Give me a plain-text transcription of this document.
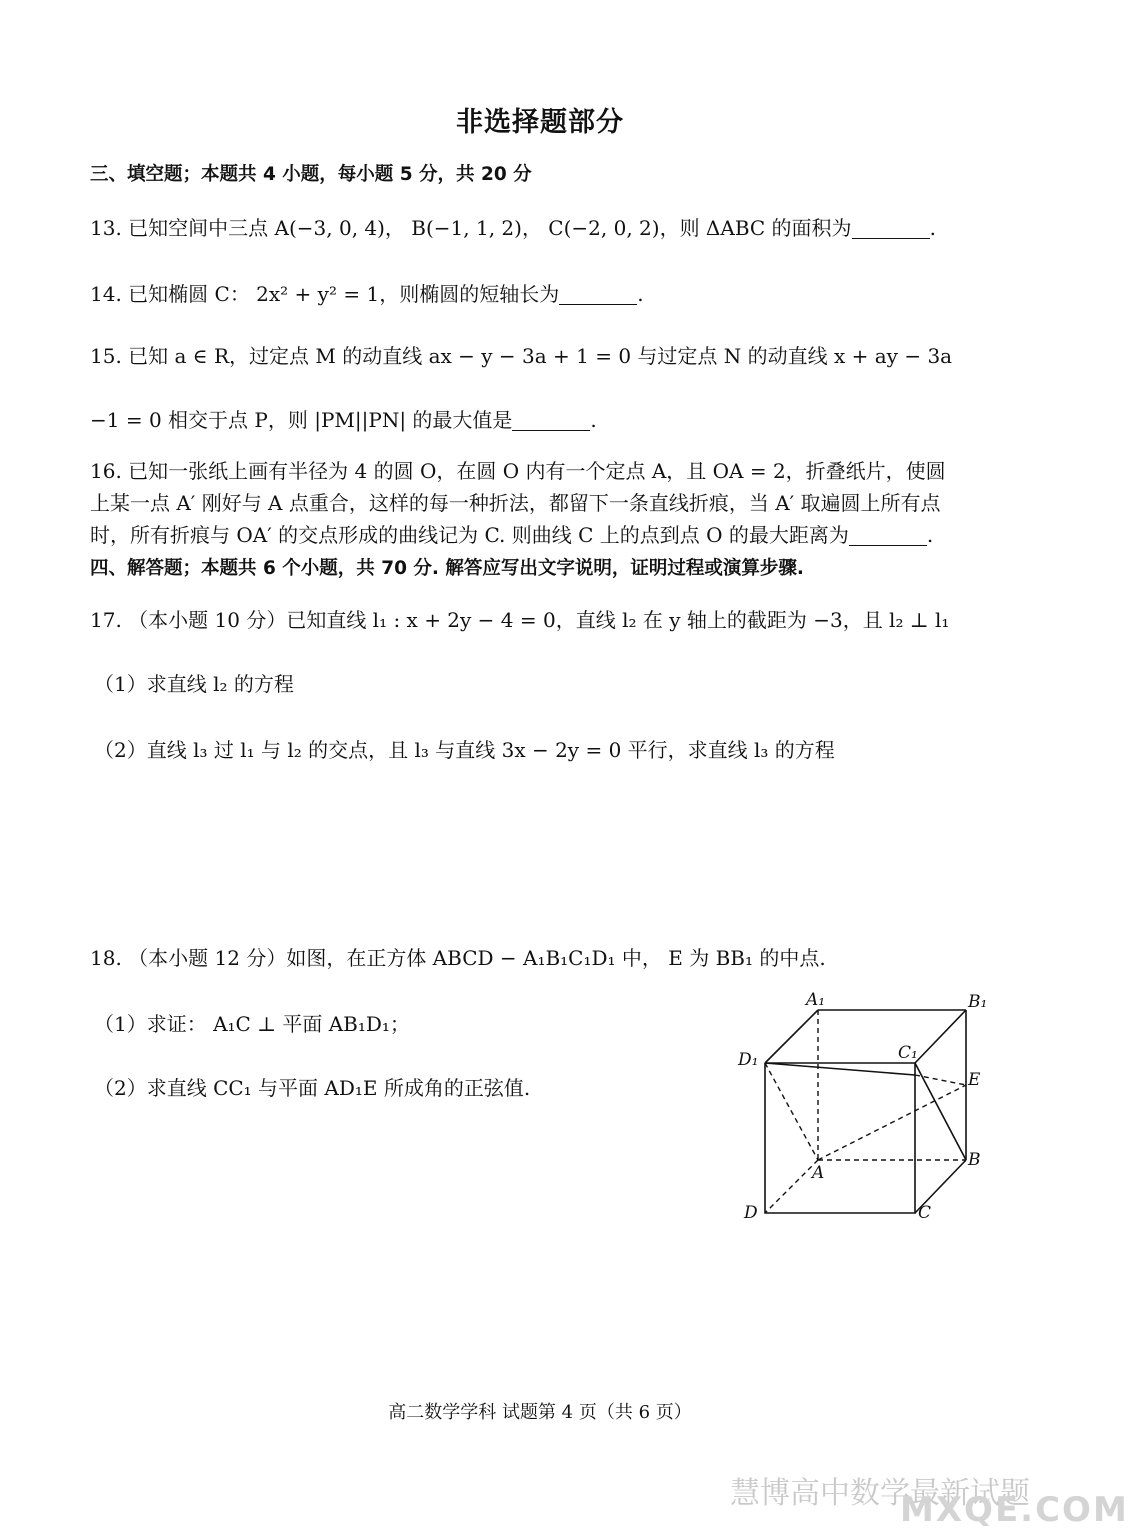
非选择题部分
三、填空题；本题共 4 小题，每小题 5 分，共 20 分
13. 已知空间中三点 A(−3, 0, 4)， B(−1, 1, 2)， C(−2, 0, 2)，则 ΔABC 的面积为	.
14. 已知椭圆 C： 2x² + y² = 1，则椭圆的短轴长为	.
15. 已知 a ∈ R，过定点 M 的动直线 ax − y − 3a + 1 = 0 与过定点 N 的动直线 x + ay − 3a
−1 = 0 相交于点 P，则 |PM||PN| 的最大值是	.
16. 已知一张纸上画有半径为 4 的圆 O，在圆 O 内有一个定点 A，且 OA = 2，折叠纸片，使圆
上某一点 A′ 刚好与 A 点重合，这样的每一种折法，都留下一条直线折痕，当 A′ 取遍圆上所有点
时，所有折痕与 OA′ 的交点形成的曲线记为 C. 则曲线 C 上的点到点 O 的最大距离为	.
四、解答题；本题共 6 个小题，共 70 分. 解答应写出文字说明，证明过程或演算步骤.
17. （本小题 10 分）已知直线 l₁ : x + 2y − 4 = 0，直线 l₂ 在 y 轴上的截距为 −3，且 l₂ ⊥ l₁
（1）求直线 l₂ 的方程
（2）直线 l₃ 过 l₁ 与 l₂ 的交点，且 l₃ 与直线 3x − 2y = 0 平行，求直线 l₃ 的方程
18. （本小题 12 分）如图，在正方体 ABCD − A₁B₁C₁D₁ 中， E 为 BB₁ 的中点.
（1）求证： A₁C ⊥ 平面 AB₁D₁；
（2）求直线 CC₁ 与平面 AD₁E 所成角的正弦值.
A₁	B₁
C₁
D₁
E
A
B
C
D
高二数学学科 试题第 4 页（共 6 页）
慧博高中数学最新试题
MXQE.COM
